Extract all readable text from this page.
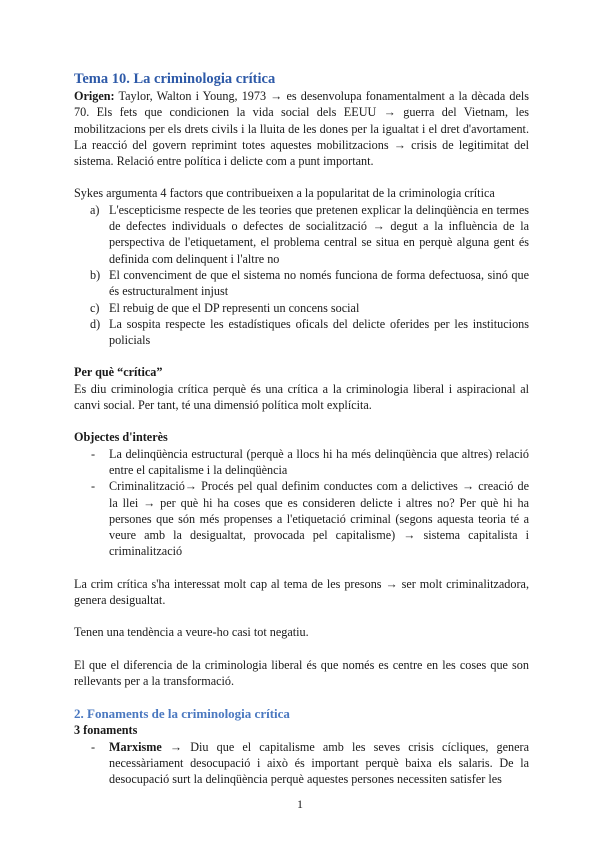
Tema 10. La criminologia crítica

Origen: Taylor, Walton i Young, 1973 → es desenvolupa fonamentalment a la dècada dels 70. Els fets que condicionen la vida social dels EEUU → guerra del Vietnam, les mobilitzacions per els drets civils i la lluita de les dones per la igualtat i el dret d'avortament. La reacció del govern reprimint totes aquestes mobilitzacions → crisis de legitimitat del sistema. Relació entre política i delicte com a punt important.

Sykes argumenta 4 factors que contribueixen a la popularitat de la criminologia crítica

a) L'escepticisme respecte de les teories que pretenen explicar la delinqüència en termes de defectes individuals o defectes de socialització → degut a la influència de la perspectiva de l'etiquetament, el problema central se situa en perquè alguna gent és definida com delinquent i l'altre no
b) El convenciment de que el sistema no només funciona de forma defectuosa, sinó que és estructuralment injust
c) El rebuig de que el DP representi un concens social
d) La sospita respecte les estadístiques oficals del delicte oferides per les institucions policials

Per què “crítica”

Es diu criminologia crítica perquè és una crítica a la criminologia liberal i aspiracional al canvi social. Per tant, té una dimensió política molt explícita.

Objectes d'interès

- La delinqüència estructural (perquè a llocs hi ha més delinqüència que altres) relació entre el capitalisme i la delinqüència
- Criminalització→ Procés pel qual definim conductes com a delictives → creació de la llei → per què hi ha coses que es consideren delicte i altres no? Per què hi ha persones que són més propenses a l'etiquetació criminal (segons aquesta teoria té a veure amb la desigualtat, provocada pel capitalisme) → sistema capitalista i criminalització

La crim crítica s'ha interessat molt cap al tema de les presons → ser molt criminalitzadora, genera desigualtat.

Tenen una tendència a veure-ho casi tot negatiu.

El que el diferencia de la criminologia liberal és que només es centre en les coses que son rellevants per a la transformació.

2. Fonaments de la criminologia crítica

3 fonaments

- Marxisme → Diu que el capitalisme amb les seves crisis cícliques, genera necessàriament desocupació i això és important perquè baixa els salaris. De la desocupació surt la delinqüència perquè aquestes persones necessiten satisfer les
1
